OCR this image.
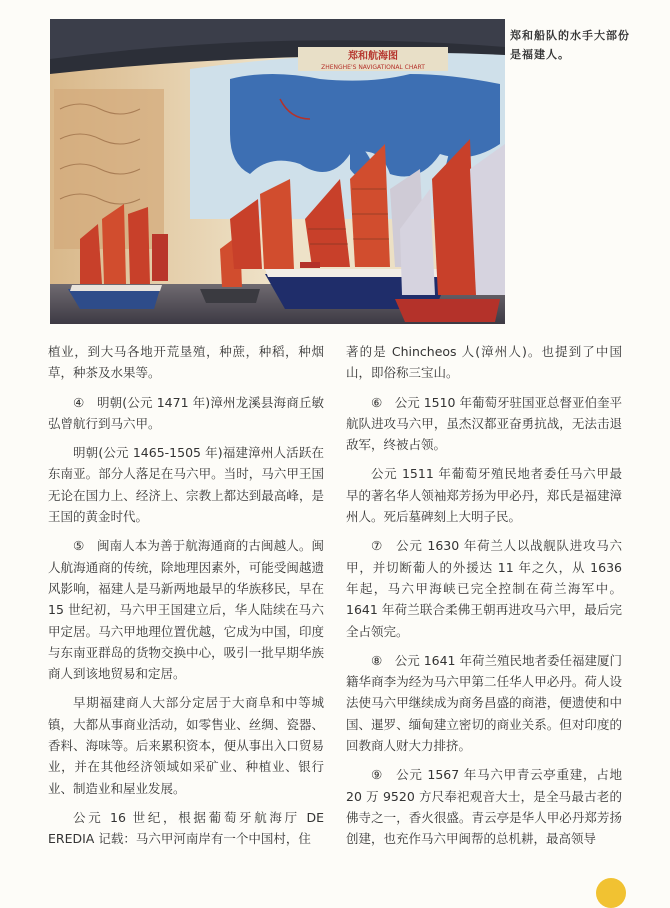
郑和航海图
ZHENGHE'S NAVIGATIONAL CHART
郑和船队的水手大部份是福建人。

植业，到大马各地开荒垦殖，种蔗，种稻，种烟草，种茶及水果等。

④　明朝(公元 1471 年)漳州龙溪县海商丘敏弘曾航行到马六甲。

明朝(公元 1465-1505 年)福建漳州人活跃在东南亚。部分人落足在马六甲。当时，马六甲王国无论在国力上、经济上、宗教上都达到最高峰，是王国的黄金时代。

⑤　闽南人本为善于航海通商的古闽越人。闽人航海通商的传统，除地理因素外，可能受闽越遗风影响，福建人是马新两地最早的华族移民，早在 15 世纪初，马六甲王国建立后，华人陆续在马六甲定居。马六甲地理位置优越，它成为中国，印度与东南亚群岛的货物交换中心，吸引一批早期华族商人到该地贸易和定居。

早期福建商人大部分定居于大商阜和中等城镇，大都从事商业活动，如零售业、丝绸、瓷器、香料、海味等。后来累积资本，便从事出入口贸易业，并在其他经济领域如采矿业、种植业、银行业、制造业和屋业发展。

公元 16 世纪，根据葡萄牙航海厅 DE EREDIA 记载：马六甲河南岸有一个中国村，住

著的是 Chincheos 人(漳州人)。也提到了中国山，即俗称三宝山。

⑥　公元 1510 年葡萄牙驻国亚总督亚伯奎平航队进攻马六甲，虽杰汉都亚奋勇抗战，无法击退敌军，终被占领。

公元 1511 年葡萄牙殖民地者委任马六甲最早的著名华人领袖郑芳扬为甲必丹，郑氏是福建漳州人。死后墓碑刻上大明子民。

⑦　公元 1630 年荷兰人以战舰队进攻马六甲，并切断葡人的外援达 11 年之久，从 1636 年起，马六甲海峡已完全控制在荷兰海军中。1641 年荷兰联合柔佛王朝再进攻马六甲，最后完全占领完。

⑧　公元 1641 年荷兰殖民地者委任福建厦门籍华商李为经为马六甲第二任华人甲必丹。荷人设法使马六甲继续成为商务昌盛的商港，便遗使和中国、暹罗、缅甸建立密切的商业关系。但对印度的回教商人财大力排挤。

⑨　公元 1567 年马六甲青云亭重建，占地 20 万 9520 方尺奉祀观音大士，是全马最古老的佛寺之一，香火很盛。青云亭是华人甲必丹郑芳扬创建，也充作马六甲闽帮的总机耕，最高领导
